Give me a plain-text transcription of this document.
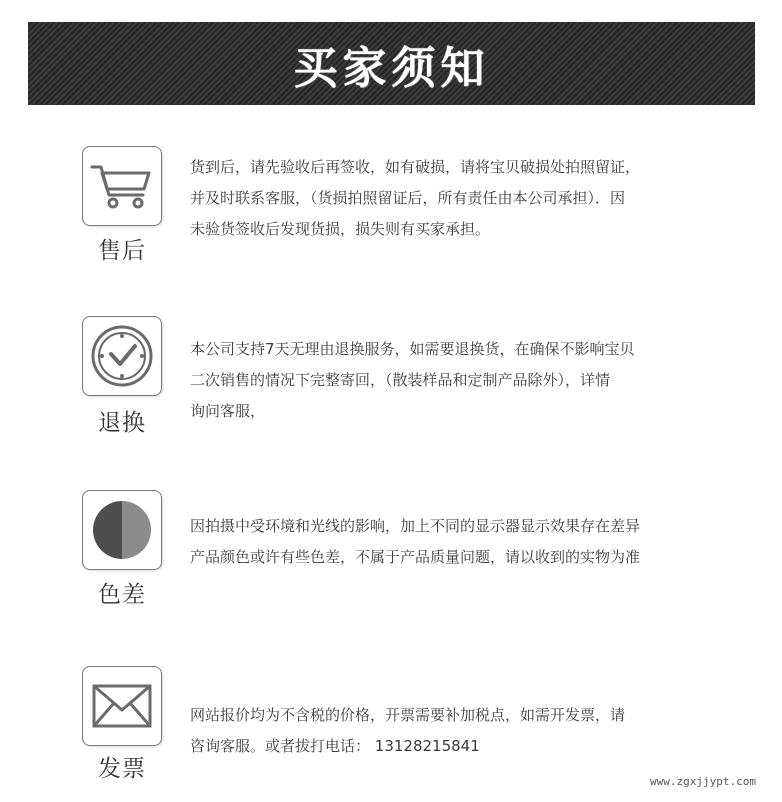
买家须知
售后

货到后，请先验收后再签收，如有破损，请将宝贝破损处拍照留证，

并及时联系客服，（货损拍照留证后，所有责任由本公司承担）．因

未验货签收后发现货损，损失则有买家承担。

退换

本公司支持7天无理由退换服务，如需要退换货，在确保不影响宝贝

二次销售的情况下完整寄回，（散装样品和定制产品除外），详情

询问客服，

色差

因拍摄中受环境和光线的影响，加上不同的显示器显示效果存在差异

产品颜色或许有些色差，不属于产品质量问题，请以收到的实物为准

发票

网站报价均为不含税的价格，开票需要补加税点，如需开发票，请

咨询客服。或者拔打电话： 13128215841

www.zgxjjypt.com
